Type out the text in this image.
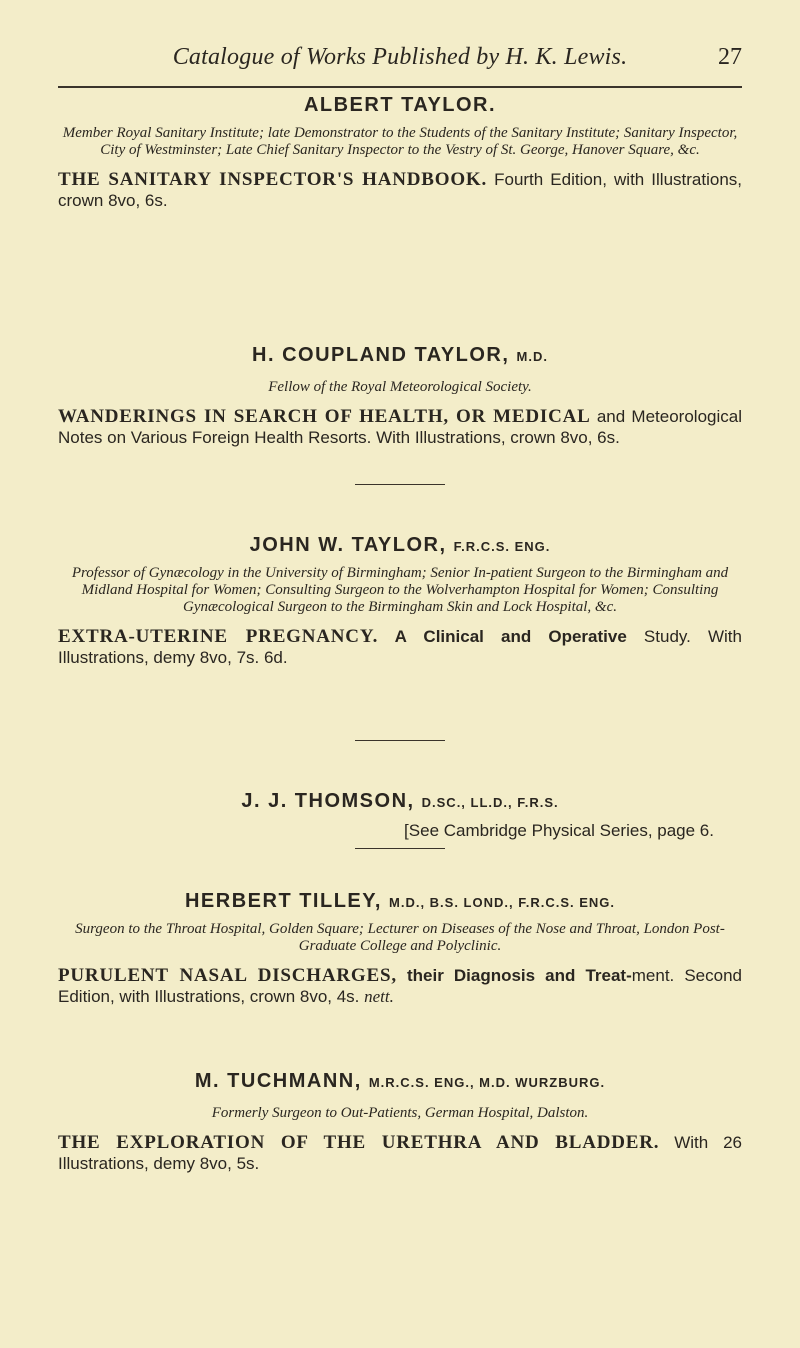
Catalogue of Works Published by H. K. Lewis.	27
ALBERT TAYLOR.
Member Royal Sanitary Institute; late Demonstrator to the Students of the Sanitary Institute; Sanitary Inspector, City of Westminster; Late Chief Sanitary Inspector to the Vestry of St. George, Hanover Square, &c.
THE SANITARY INSPECTOR'S HANDBOOK. Fourth Edition, with Illustrations, crown 8vo, 6s.
H. COUPLAND TAYLOR, M.D.
Fellow of the Royal Meteorological Society.
WANDERINGS IN SEARCH OF HEALTH, OR MEDICAL and Meteorological Notes on Various Foreign Health Resorts. With Illustrations, crown 8vo, 6s.
JOHN W. TAYLOR, F.R.C.S. ENG.
Professor of Gynæcology in the University of Birmingham; Senior In-patient Surgeon to the Birmingham and Midland Hospital for Women; Consulting Surgeon to the Wolverhampton Hospital for Women; Consulting Gynæcological Surgeon to the Birmingham Skin and Lock Hospital, &c.
EXTRA-UTERINE PREGNANCY. A Clinical and Operative Study. With Illustrations, demy 8vo, 7s. 6d.
J. J. THOMSON, D.SC., LL.D., F.R.S.
[See Cambridge Physical Series, page 6.
HERBERT TILLEY, M.D., B.S. LOND., F.R.C.S. ENG.
Surgeon to the Throat Hospital, Golden Square; Lecturer on Diseases of the Nose and Throat, London Post-Graduate College and Polyclinic.
PURULENT NASAL DISCHARGES, their Diagnosis and Treat-ment. Second Edition, with Illustrations, crown 8vo, 4s. nett.
M. TUCHMANN, M.R.C.S. ENG., M.D. WURZBURG.
Formerly Surgeon to Out-Patients, German Hospital, Dalston.
THE EXPLORATION OF THE URETHRA AND BLADDER. With 26 Illustrations, demy 8vo, 5s.
